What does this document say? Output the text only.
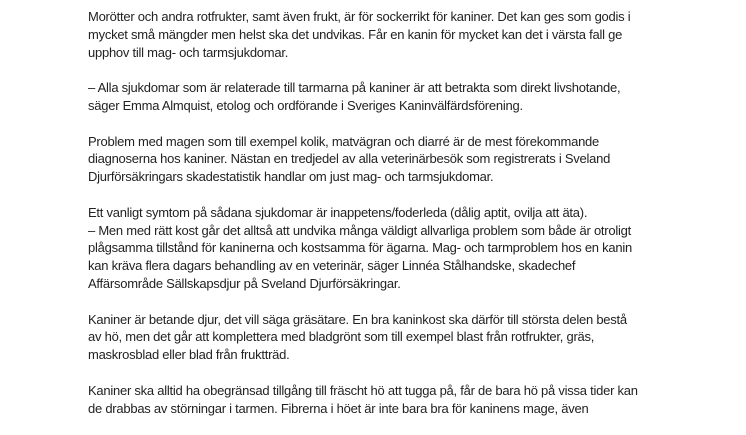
Morötter och andra rotfrukter, samt även frukt, är för sockerrikt för kaniner. Det kan ges som godis i
mycket små mängder men helst ska det undvikas. Får en kanin för mycket kan det i värsta fall ge
upphov till mag- och tarmsjukdomar.

– Alla sjukdomar som är relaterade till tarmarna på kaniner är att betrakta som direkt livshotande,
säger Emma Almquist, etolog och ordförande i Sveriges Kaninvälfärdsförening.

Problem med magen som till exempel kolik, matvägran och diarré är de mest förekommande
diagnoserna hos kaniner. Nästan en tredjedel av alla veterinärbesök som registrerats i Sveland
Djurförsäkringars skadestatistik handlar om just mag- och tarmsjukdomar.

Ett vanligt symtom på sådana sjukdomar är inappetens/foderleda (dålig aptit, ovilja att äta).
– Men med rätt kost går det alltså att undvika många väldigt allvarliga problem som både är otroligt
plågsamma tillstånd för kaninerna och kostsamma för ägarna. Mag- och tarmproblem hos en kanin
kan kräva flera dagars behandling av en veterinär, säger Linnéa Stålhandske, skadechef
Affärsområde Sällskapsdjur på Sveland Djurförsäkringar.

Kaniner är betande djur, det vill säga gräsätare. En bra kaninkost ska därför till största delen bestå
av hö, men det går att komplettera med bladgrönt som till exempel blast från rotfrukter, gräs,
maskrosblad eller blad från fruktträd.

Kaniner ska alltid ha obegränsad tillgång till fräscht hö att tugga på, får de bara hö på vissa tider kan
de drabbas av störningar i tarmen. Fibrerna i höet är inte bara bra för kaninens mage, även
